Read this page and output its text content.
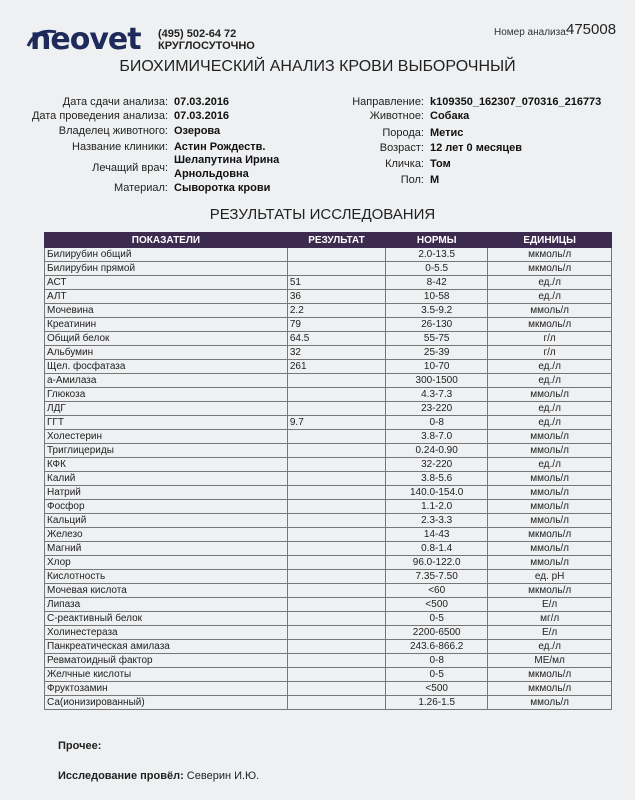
neovet (495) 502-64 72
КРУГЛОСУТОЧНО
Номер анализа:
475008
БИОХИМИЧЕСКИЙ АНАЛИЗ КРОВИ ВЫБОРОЧНЫЙ
Дата сдачи анализа: 07.03.2016
Дата проведения анализа: 07.03.2016
Владелец животного: Озерова
Название клиники: Астин Рождеств.
Лечащий врач:
Шелапутина Ирина
Арнольдовна
Материал: Сыворотка крови
Направление: k109350_162307_070316_216773
Животное: Собака
Порода: Метис
Возраст: 12 лет 0 месяцев
Кличка: Том
Пол: М
РЕЗУЛЬТАТЫ ИССЛЕДОВАНИЯ
ПОКАЗАТЕЛИ	РЕЗУЛЬТАТ	НОРМЫ	ЕДИНИЦЫ
Билирубин общий		2.0-13.5	мкмоль/л
Билирубин прямой		0-5.5	мкмоль/л
АСТ	51	8-42	ед./л
АЛТ	36	10-58	ед./л
Мочевина	2.2	3.5-9.2	ммоль/л
Креатинин	79	26-130	мкмоль/л
Общий белок	64.5	55-75	г/л
Альбумин	32	25-39	г/л
Щел. фосфатаза	261	10-70	ед./л
а-Амилаза		300-1500	ед./л
Глюкоза		4.3-7.3	ммоль/л
ЛДГ		23-220	ед./л
ГГТ	9.7	0-8	ед./л
Холестерин		3.8-7.0	ммоль/л
Триглицериды		0.24-0.90	ммоль/л
КФК		32-220	ед./л
Калий		3.8-5.6	ммоль/л
Натрий		140.0-154.0	ммоль/л
Фосфор		1.1-2.0	ммоль/л
Кальций		2.3-3.3	ммоль/л
Железо		14-43	мкмоль/л
Магний		0.8-1.4	ммоль/л
Хлор		96.0-122.0	ммоль/л
Кислотность		7.35-7.50	ед. рН
Мочевая кислота		<60	мкмоль/л
Липаза		<500	Е/л
С-реактивный белок		0-5	мг/л
Холинестераза		2200-6500	Е/л
Панкреатическая амилаза		243.6-866.2	ед./л
Ревматоидный фактор		0-8	МЕ/мл
Желчные кислоты		0-5	мкмоль/л
Фруктозамин		<500	мкмоль/л
Са(ионизированный)		1.26-1.5	ммоль/л
Прочее:
Исследование провёл: Северин И.Ю.
